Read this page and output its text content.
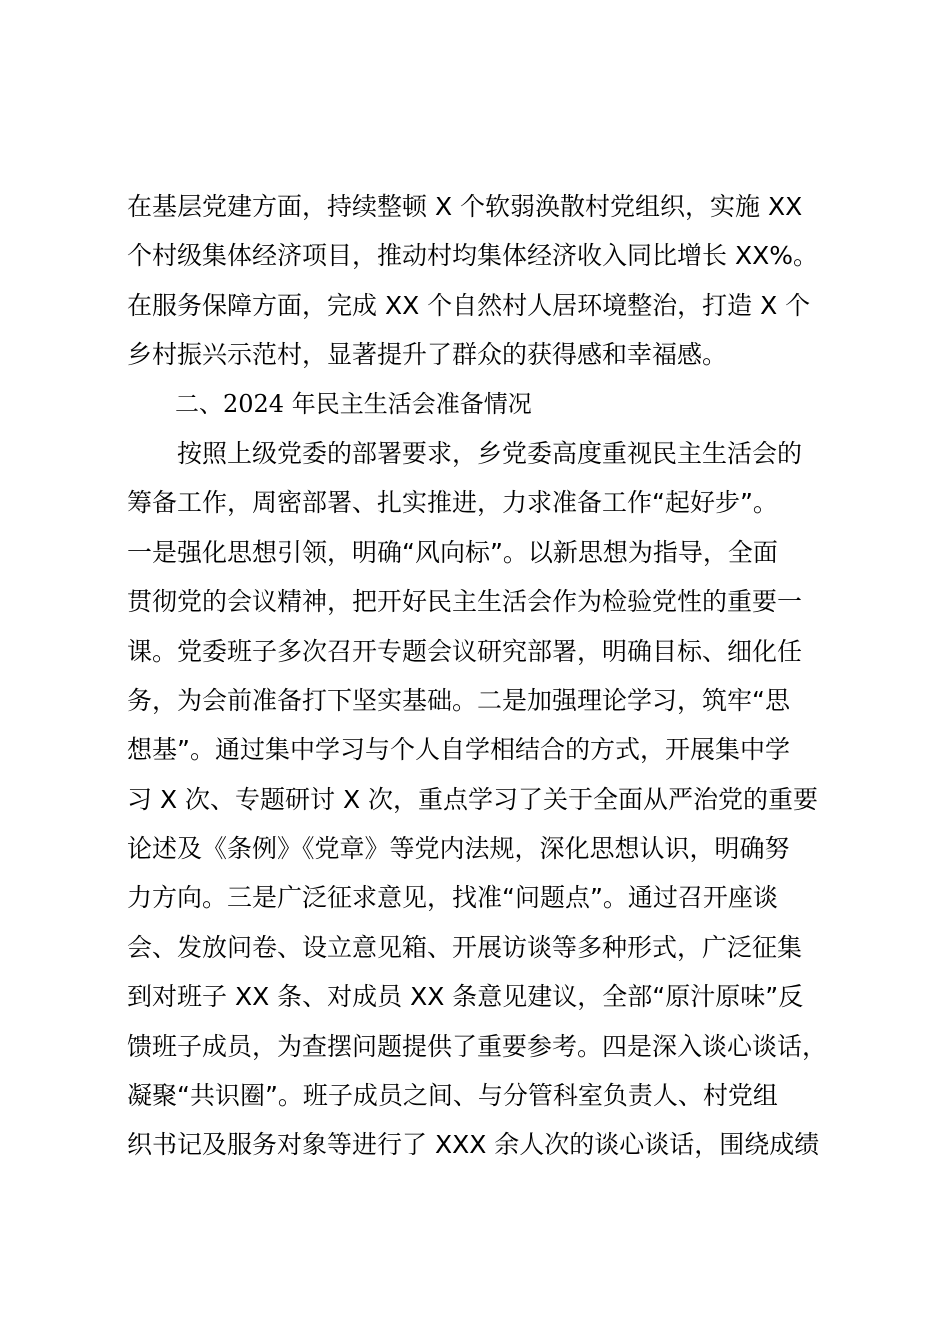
在基层党建方面，持续整顿 X 个软弱涣散村党组织，实施 XX
个村级集体经济项目，推动村均集体经济收入同比增长 XX%。
在服务保障方面，完成 XX 个自然村人居环境整治，打造 X 个
乡村振兴示范村，显著提升了群众的获得感和幸福感。
二、2024 年民主生活会准备情况
按照上级党委的部署要求，乡党委高度重视民主生活会的
筹备工作，周密部署、扎实推进，力求准备工作“起好步”。
一是强化思想引领，明确“风向标”。以新思想为指导，全面
贯彻党的会议精神，把开好民主生活会作为检验党性的重要一
课。党委班子多次召开专题会议研究部署，明确目标、细化任
务，为会前准备打下坚实基础。二是加强理论学习，筑牢“思
想基”。通过集中学习与个人自学相结合的方式，开展集中学
习 X 次、专题研讨 X 次，重点学习了关于全面从严治党的重要
论述及《条例》《党章》等党内法规，深化思想认识，明确努
力方向。三是广泛征求意见，找准“问题点”。通过召开座谈
会、发放问卷、设立意见箱、开展访谈等多种形式，广泛征集
到对班子 XX 条、对成员 XX 条意见建议，全部“原汁原味”反
馈班子成员，为查摆问题提供了重要参考。四是深入谈心谈话，
凝聚“共识圈”。班子成员之间、与分管科室负责人、村党组
织书记及服务对象等进行了 XXX 余人次的谈心谈话，围绕成绩
